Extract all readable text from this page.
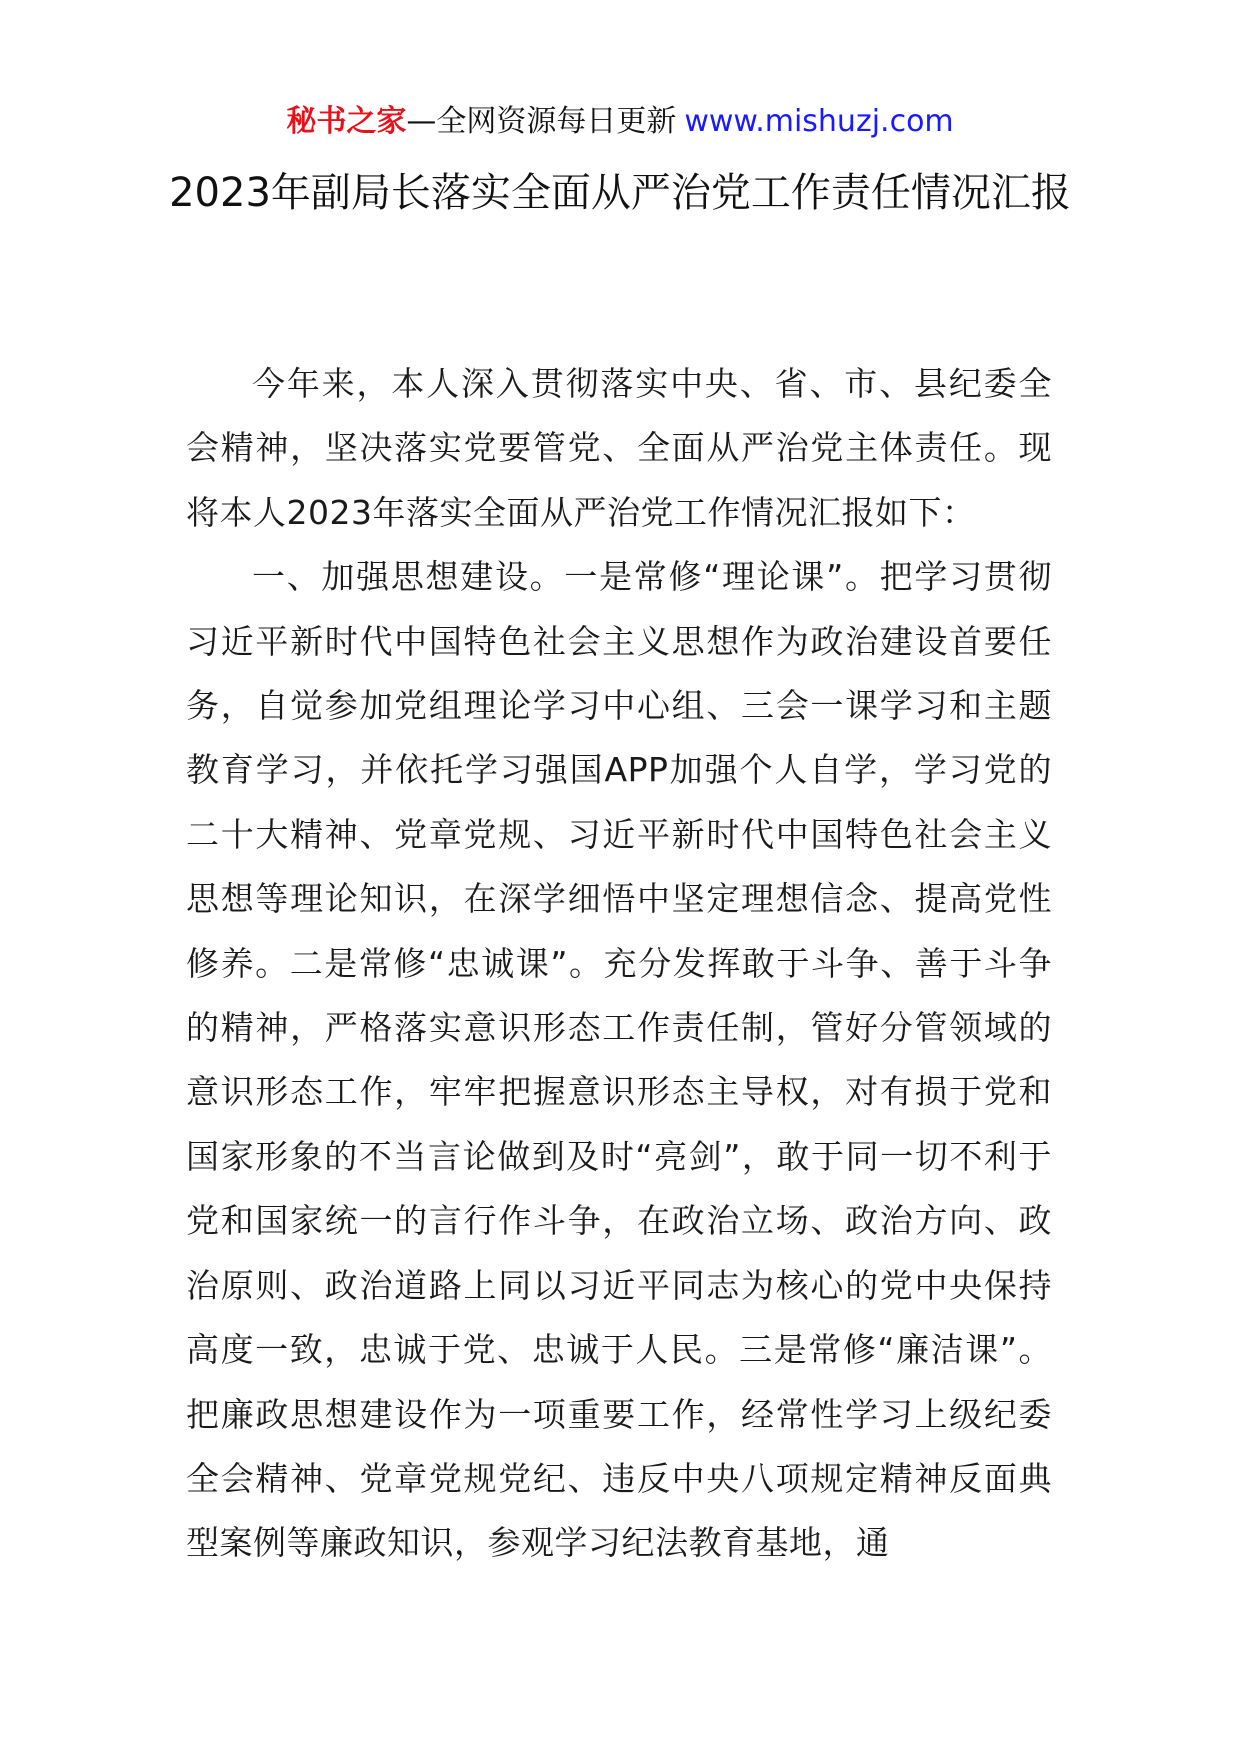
秘书之家—全网资源每日更新 www.mishuzj.com
2023年副局长落实全面从严治党工作责任情况汇报

今年来，本人深入贯彻落实中央、省、市、县纪委全会精神，坚决落实党要管党、全面从严治党主体责任。现将本人2023年落实全面从严治党工作情况汇报如下：

一、加强思想建设。一是常修“理论课”。把学习贯彻习近平新时代中国特色社会主义思想作为政治建设首要任务，自觉参加党组理论学习中心组、三会一课学习和主题教育学习，并依托学习强国APP加强个人自学，学习党的二十大精神、党章党规、习近平新时代中国特色社会主义思想等理论知识，在深学细悟中坚定理想信念、提高党性修养。二是常修“忠诚课”。充分发挥敢于斗争、善于斗争的精神，严格落实意识形态工作责任制，管好分管领域的意识形态工作，牢牢把握意识形态主导权，对有损于党和国家形象的不当言论做到及时“亮剑”，敢于同一切不利于党和国家统一的言行作斗争，在政治立场、政治方向、政治原则、政治道路上同以习近平同志为核心的党中央保持高度一致，忠诚于党、忠诚于人民。三是常修“廉洁课”。把廉政思想建设作为一项重要工作，经常性学习上级纪委全会精神、党章党规党纪、违反中央八项规定精神反面典型案例等廉政知识，参观学习纪法教育基地，通
